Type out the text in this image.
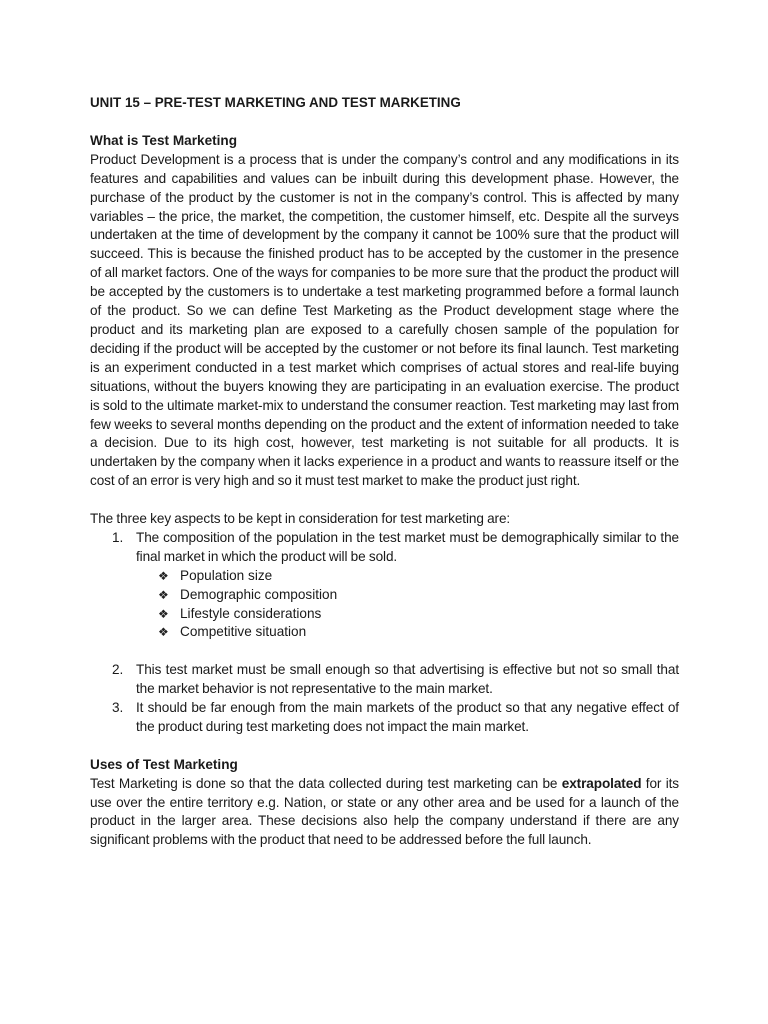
UNIT 15 – PRE-TEST MARKETING AND TEST MARKETING

What is Test Marketing

Product Development is a process that is under the company’s control and any modifications in its features and capabilities and values can be inbuilt during this development phase. However, the purchase of the product by the customer is not in the company’s control. This is affected by many variables – the price, the market, the competition, the customer himself, etc. Despite all the surveys undertaken at the time of development by the company it cannot be 100% sure that the product will succeed. This is because the finished product has to be accepted by the customer in the presence of all market factors. One of the ways for companies to be more sure that the product the product will be accepted by the customers is to undertake a test marketing programmed before a formal launch of the product. So we can define Test Marketing as the Product development stage where the product and its marketing plan are exposed to a carefully chosen sample of the population for deciding if the product will be accepted by the customer or not before its final launch. Test marketing is an experiment conducted in a test market which comprises of actual stores and real-life buying situations, without the buyers knowing they are participating in an evaluation exercise. The product is sold to the ultimate market-mix to understand the consumer reaction. Test marketing may last from few weeks to several months depending on the product and the extent of information needed to take a decision. Due to its high cost, however, test marketing is not suitable for all products. It is undertaken by the company when it lacks experience in a product and wants to reassure itself or the cost of an error is very high and so it must test market to make the product just right.

The three key aspects to be kept in consideration for test marketing are:

1. The composition of the population in the test market must be demographically similar to the final market in which the product will be sold.
❖ Population size
❖ Demographic composition
❖ Lifestyle considerations
❖ Competitive situation
2. This test market must be small enough so that advertising is effective but not so small that the market behavior is not representative to the main market.
3. It should be far enough from the main markets of the product so that any negative effect of the product during test marketing does not impact the main market.

Uses of Test Marketing

Test Marketing is done so that the data collected during test marketing can be extrapolated for its use over the entire territory e.g. Nation, or state or any other area and be used for a launch of the product in the larger area. These decisions also help the company understand if there are any significant problems with the product that need to be addressed before the full launch.
